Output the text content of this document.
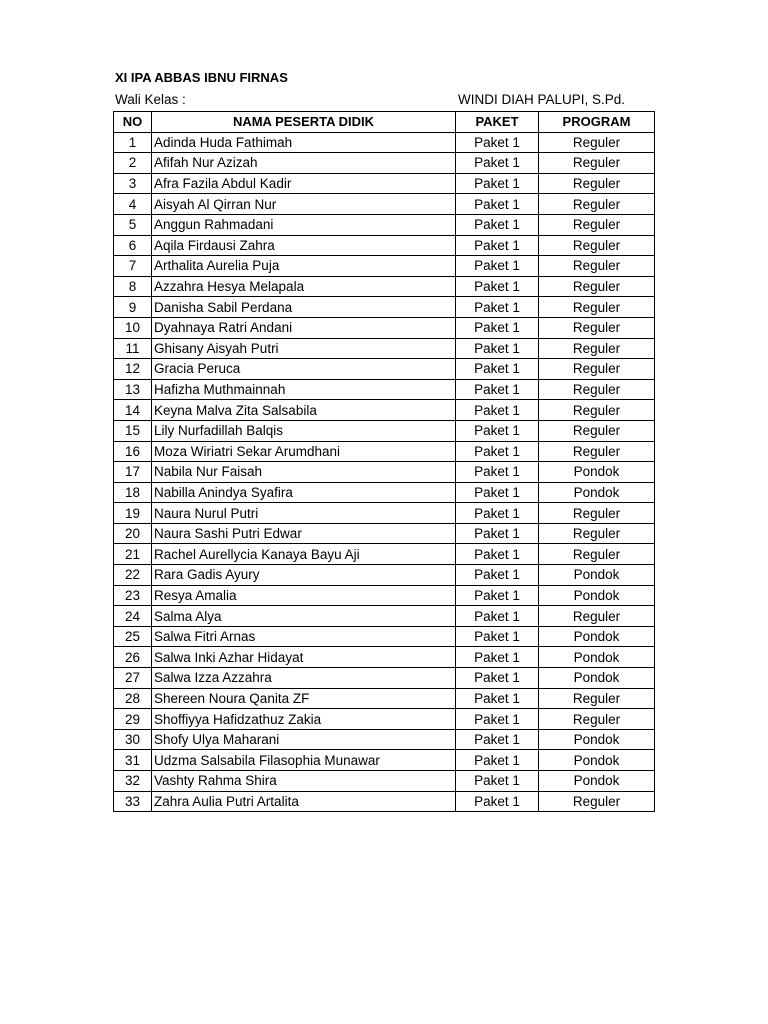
XI IPA ABBAS IBNU FIRNAS
Wali Kelas :	WINDI DIAH PALUPI, S.Pd.
NO	NAMA PESERTA DIDIK	PAKET	PROGRAM
1	Adinda Huda Fathimah	Paket 1	Reguler
2	Afifah Nur Azizah	Paket 1	Reguler
3	Afra Fazila Abdul Kadir	Paket 1	Reguler
4	Aisyah Al Qirran Nur	Paket 1	Reguler
5	Anggun Rahmadani	Paket 1	Reguler
6	Aqila Firdausi Zahra	Paket 1	Reguler
7	Arthalita Aurelia Puja	Paket 1	Reguler
8	Azzahra Hesya Melapala	Paket 1	Reguler
9	Danisha Sabil Perdana	Paket 1	Reguler
10	Dyahnaya Ratri Andani	Paket 1	Reguler
11	Ghisany Aisyah Putri	Paket 1	Reguler
12	Gracia Peruca	Paket 1	Reguler
13	Hafizha Muthmainnah	Paket 1	Reguler
14	Keyna Malva Zita Salsabila	Paket 1	Reguler
15	Lily Nurfadillah Balqis	Paket 1	Reguler
16	Moza Wiriatri Sekar Arumdhani	Paket 1	Reguler
17	Nabila Nur Faisah	Paket 1	Pondok
18	Nabilla Anindya Syafira	Paket 1	Pondok
19	Naura Nurul Putri	Paket 1	Reguler
20	Naura Sashi Putri Edwar	Paket 1	Reguler
21	Rachel Aurellycia Kanaya Bayu Aji	Paket 1	Reguler
22	Rara Gadis Ayury	Paket 1	Pondok
23	Resya Amalia	Paket 1	Pondok
24	Salma Alya	Paket 1	Reguler
25	Salwa Fitri Arnas	Paket 1	Pondok
26	Salwa Inki Azhar Hidayat	Paket 1	Pondok
27	Salwa Izza Azzahra	Paket 1	Pondok
28	Shereen Noura Qanita ZF	Paket 1	Reguler
29	Shoffiyya Hafidzathuz Zakia	Paket 1	Reguler
30	Shofy Ulya Maharani	Paket 1	Pondok
31	Udzma Salsabila Filasophia Munawar	Paket 1	Pondok
32	Vashty Rahma Shira	Paket 1	Pondok
33	Zahra Aulia Putri Artalita	Paket 1	Reguler
